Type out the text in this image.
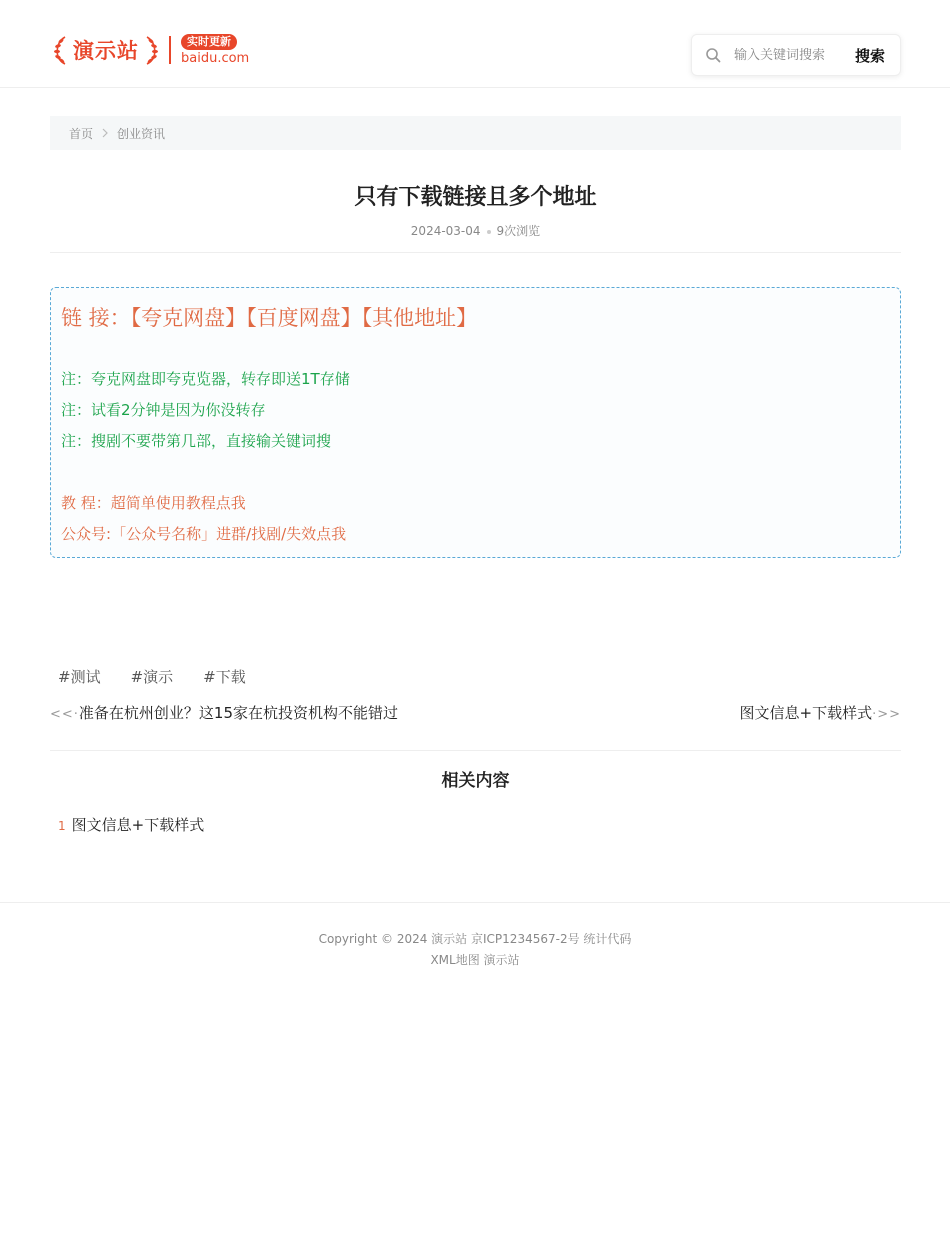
演示站	实时更新
baidu.com
输入关键词搜索	搜索
首页 创业资讯
只有下载链接且多个地址
2024-03-04 9次浏览
链 接：【夸克网盘】【百度网盘】【其他地址】
注：夸克网盘即夸克览器，转存即送1T存储
注：试看2分钟是因为你没转存
注：搜剧不要带第几部，直接输关键词搜
教 程：超简单使用教程点我
公众号:「公众号名称」进群/找剧/失效点我
#测试 #演示 #下载
<<·准备在杭州创业？这15家在杭投资机构不能错过	图文信息+下载样式·>>
相关内容
1 图文信息+下载样式
Copyright © 2024 演示站 京ICP1234567-2号 统计代码
XML地图 演示站
